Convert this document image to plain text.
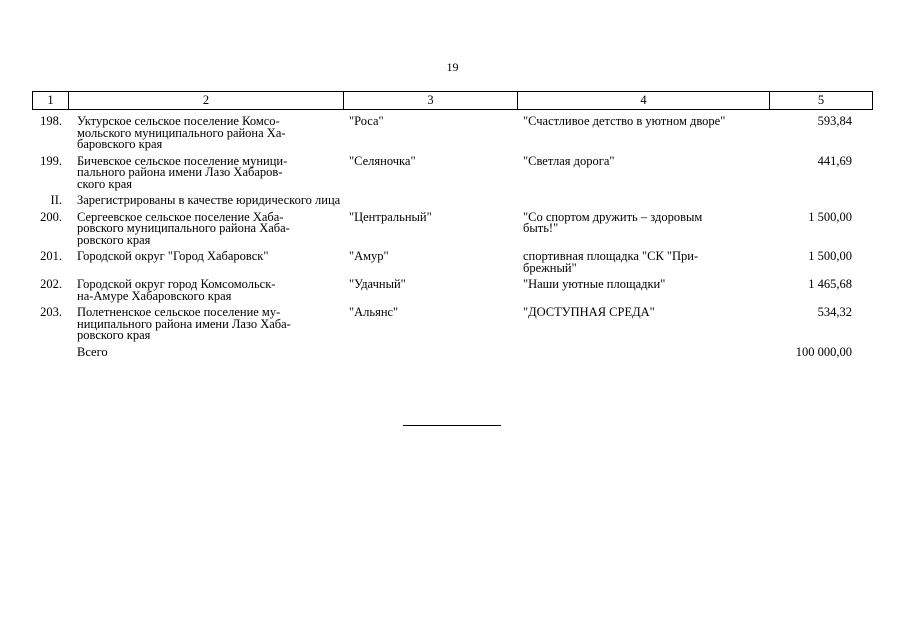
19
1	2	3	4	5
198.	Уктурское сельское поселение Комсо-
мольского муниципального района Ха-
баровского края	"Роса"	"Счастливое детство в уютном дворе"	593,84
199.	Бичевское сельское поселение муници-
пального района имени Лазо Хабаров-
ского края	"Селяночка"	"Светлая дорога"	441,69
II.	Зарегистрированы в качестве юридического лица			
200.	Сергеевское сельское поселение Хаба-
ровского муниципального района Хаба-
ровского края	"Центральный"	"Со спортом дружить – здоровым
быть!"	1 500,00
201.	Городской округ "Город Хабаровск"	"Амур"	спортивная площадка "СК "При-
брежный"	1 500,00
202.	Городской округ город Комсомольск-
на-Амуре Хабаровского края	"Удачный"	"Наши уютные площадки"	1 465,68
203.	Полетненское сельское поселение му-
ниципального района имени Лазо Хаба-
ровского края	"Альянс"	"ДОСТУПНАЯ СРЕДА"	534,32
	Всего			100 000,00
